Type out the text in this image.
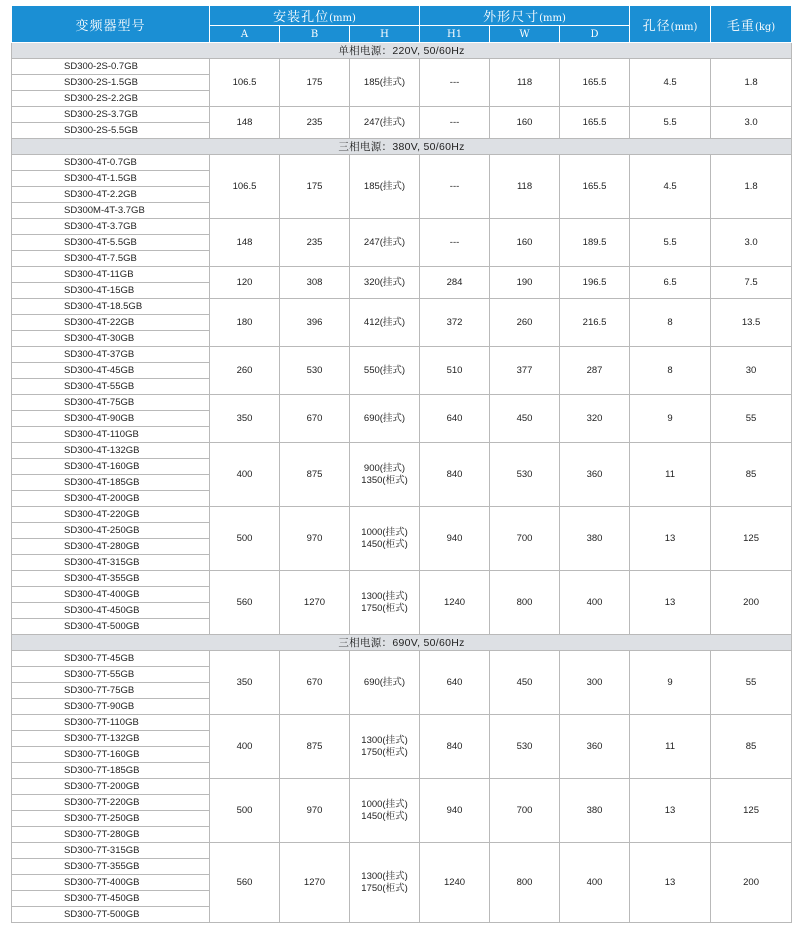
变频器型号	安装孔位(mm)			外形尺寸(mm)			孔径(mm)	毛重(kg)
	A	B	H	H1	W	D		
单相电源：220V, 50/60Hz								
SD300-2S-0.7GB	106.5	175	185(挂式)	---	118	165.5	4.5	1.8
SD300-2S-1.5GB								
SD300-2S-2.2GB								
SD300-2S-3.7GB	148	235	247(挂式)	---	160	165.5	5.5	3.0
SD300-2S-5.5GB								
三相电源：380V, 50/60Hz								
SD300-4T-0.7GB	106.5	175	185(挂式)	---	118	165.5	4.5	1.8
SD300-4T-1.5GB								
SD300-4T-2.2GB								
SD300M-4T-3.7GB								
SD300-4T-3.7GB	148	235	247(挂式)	---	160	189.5	5.5	3.0
SD300-4T-5.5GB								
SD300-4T-7.5GB								
SD300-4T-11GB	120	308	320(挂式)	284	190	196.5	6.5	7.5
SD300-4T-15GB								
SD300-4T-18.5GB	180	396	412(挂式)	372	260	216.5	8	13.5
SD300-4T-22GB								
SD300-4T-30GB								
SD300-4T-37GB	260	530	550(挂式)	510	377	287	8	30
SD300-4T-45GB								
SD300-4T-55GB								
SD300-4T-75GB	350	670	690(挂式)	640	450	320	9	55
SD300-4T-90GB								
SD300-4T-110GB								
SD300-4T-132GB	400	875	900(挂式)
1350(柜式)	840	530	360	11	85
SD300-4T-160GB								
SD300-4T-185GB								
SD300-4T-200GB								
SD300-4T-220GB	500	970	1000(挂式)
1450(柜式)	940	700	380	13	125
SD300-4T-250GB								
SD300-4T-280GB								
SD300-4T-315GB								
SD300-4T-355GB	560	1270	1300(挂式)
1750(柜式)	1240	800	400	13	200
SD300-4T-400GB								
SD300-4T-450GB								
SD300-4T-500GB								
三相电源：690V, 50/60Hz								
SD300-7T-45GB	350	670	690(挂式)	640	450	300	9	55
SD300-7T-55GB								
SD300-7T-75GB								
SD300-7T-90GB								
SD300-7T-110GB	400	875	1300(挂式)
1750(柜式)	840	530	360	11	85
SD300-7T-132GB								
SD300-7T-160GB								
SD300-7T-185GB								
SD300-7T-200GB	500	970	1000(挂式)
1450(柜式)	940	700	380	13	125
SD300-7T-220GB								
SD300-7T-250GB								
SD300-7T-280GB								
SD300-7T-315GB	560	1270	1300(挂式)
1750(柜式)	1240	800	400	13	200
SD300-7T-355GB								
SD300-7T-400GB								
SD300-7T-450GB								
SD300-7T-500GB								
